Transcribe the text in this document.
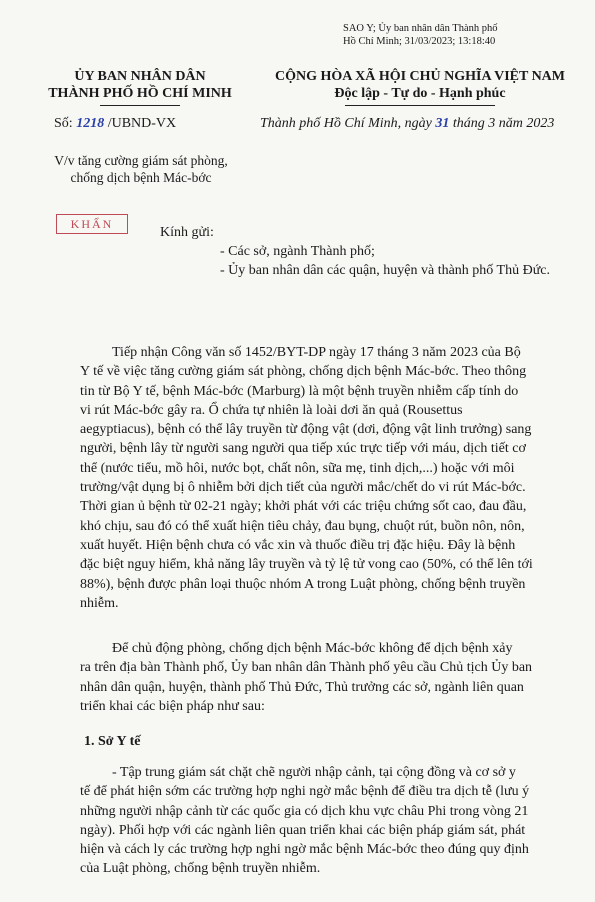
SAO Y; Ủy ban nhân dân Thành phố
Hồ Chí Minh; 31/03/2023; 13:18:40
ỦY BAN NHÂN DÂN
THÀNH PHỐ HỒ CHÍ MINH
CỘNG HÒA XÃ HỘI CHỦ NGHĨA VIỆT NAM
Độc lập - Tự do - Hạnh phúc
Số: 1218 /UBND-VX	Thành phố Hồ Chí Minh, ngày 31 tháng 3 năm 2023
V/v tăng cường giám sát phòng,
chống dịch bệnh Mác-bớc
KHẨN
Kính gửi:
- Các sở, ngành Thành phố;
- Ủy ban nhân dân các quận, huyện và thành phố Thủ Đức.
Tiếp nhận Công văn số 1452/BYT-DP ngày 17 tháng 3 năm 2023 của Bộ
Y tế về việc tăng cường giám sát phòng, chống dịch bệnh Mác-bớc. Theo thông
tin từ Bộ Y tế, bệnh Mác-bớc (Marburg) là một bệnh truyền nhiễm cấp tính do
vi rút Mác-bớc gây ra. Ổ chứa tự nhiên là loài dơi ăn quả (Rousettus
aegyptiacus), bệnh có thể lây truyền từ động vật (dơi, động vật linh trưởng) sang
người, bệnh lây từ người sang người qua tiếp xúc trực tiếp với máu, dịch tiết cơ
thể (nước tiểu, mồ hôi, nước bọt, chất nôn, sữa mẹ, tinh dịch,...) hoặc với môi
trường/vật dụng bị ô nhiễm bởi dịch tiết của người mắc/chết do vi rút Mác-bớc.
Thời gian ủ bệnh từ 02-21 ngày; khởi phát với các triệu chứng sốt cao, đau đầu,
khó chịu, sau đó có thể xuất hiện tiêu chảy, đau bụng, chuột rút, buồn nôn, nôn,
xuất huyết. Hiện bệnh chưa có vắc xin và thuốc điều trị đặc hiệu. Đây là bệnh
đặc biệt nguy hiểm, khả năng lây truyền và tỷ lệ tử vong cao (50%, có thể lên tới
88%), bệnh được phân loại thuộc nhóm A trong Luật phòng, chống bệnh truyền
nhiễm.
Để chủ động phòng, chống dịch bệnh Mác-bớc không để dịch bệnh xảy
ra trên địa bàn Thành phố, Ủy ban nhân dân Thành phố yêu cầu Chủ tịch Ủy ban
nhân dân quận, huyện, thành phố Thủ Đức, Thủ trưởng các sở, ngành liên quan
triển khai các biện pháp như sau:
1. Sở Y tế
- Tập trung giám sát chặt chẽ người nhập cảnh, tại cộng đồng và cơ sở y
tế để phát hiện sớm các trường hợp nghi ngờ mắc bệnh để điều tra dịch tễ (lưu ý
những người nhập cảnh từ các quốc gia có dịch khu vực châu Phi trong vòng 21
ngày). Phối hợp với các ngành liên quan triển khai các biện pháp giám sát, phát
hiện và cách ly các trường hợp nghi ngờ mắc bệnh Mác-bớc theo đúng quy định
của Luật phòng, chống bệnh truyền nhiễm.
